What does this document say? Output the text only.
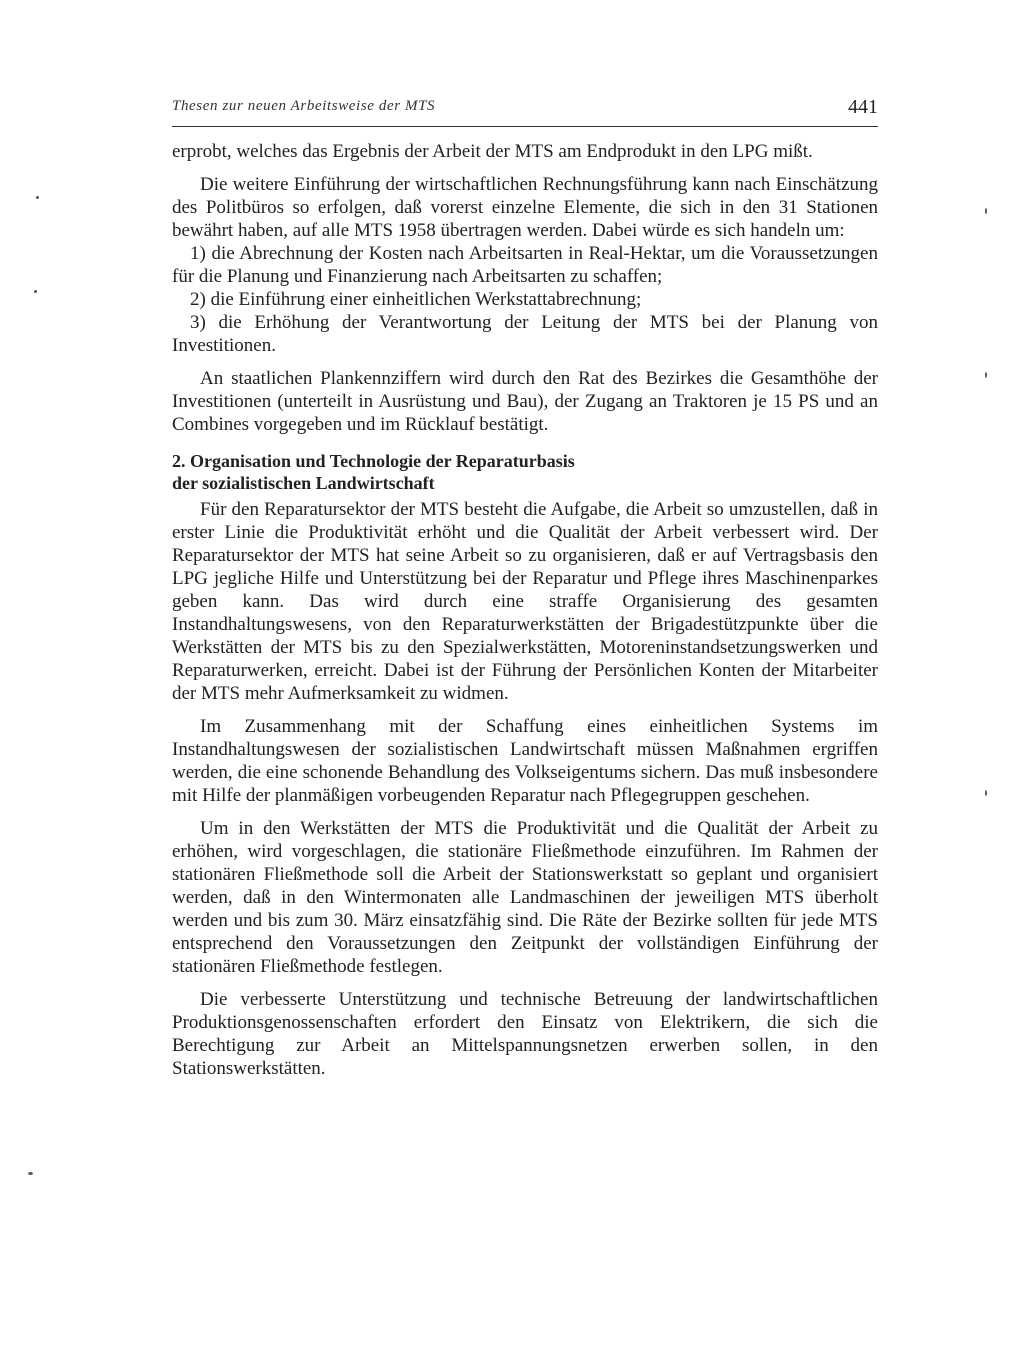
Thesen zur neuen Arbeitsweise der MTS	441

erprobt, welches das Ergebnis der Arbeit der MTS am Endprodukt in den LPG mißt.

Die weitere Einführung der wirtschaftlichen Rechnungsführung kann nach Einschätzung des Politbüros so erfolgen, daß vorerst einzelne Elemente, die sich in den 31 Stationen bewährt haben, auf alle MTS 1958 übertragen werden. Dabei würde es sich handeln um:

1) die Abrechnung der Kosten nach Arbeitsarten in Real-Hektar, um die Voraussetzungen für die Planung und Finanzierung nach Arbeitsarten zu schaffen;

2) die Einführung einer einheitlichen Werkstattabrechnung;

3) die Erhöhung der Verantwortung der Leitung der MTS bei der Planung von Investitionen.

An staatlichen Plankennziffern wird durch den Rat des Bezirkes die Gesamthöhe der Investitionen (unterteilt in Ausrüstung und Bau), der Zugang an Traktoren je 15 PS und an Combines vorgegeben und im Rücklauf bestätigt.

2. Organisation und Technologie der Reparaturbasis
der sozialistischen Landwirtschaft

Für den Reparatursektor der MTS besteht die Aufgabe, die Arbeit so umzustellen, daß in erster Linie die Produktivität erhöht und die Qualität der Arbeit verbessert wird. Der Reparatursektor der MTS hat seine Arbeit so zu organisieren, daß er auf Vertragsbasis den LPG jegliche Hilfe und Unterstützung bei der Reparatur und Pflege ihres Maschinenparkes geben kann. Das wird durch eine straffe Organisierung des gesamten Instandhaltungswesens, von den Reparaturwerkstätten der Brigadestützpunkte über die Werkstätten der MTS bis zu den Spezialwerkstätten, Motoreninstandsetzungswerken und Reparaturwerken, erreicht. Dabei ist der Führung der Persönlichen Konten der Mitarbeiter der MTS mehr Aufmerksamkeit zu widmen.

Im Zusammenhang mit der Schaffung eines einheitlichen Systems im Instandhaltungswesen der sozialistischen Landwirtschaft müssen Maßnahmen ergriffen werden, die eine schonende Behandlung des Volkseigentums sichern. Das muß insbesondere mit Hilfe der planmäßigen vorbeugenden Reparatur nach Pflegegruppen geschehen.

Um in den Werkstätten der MTS die Produktivität und die Qualität der Arbeit zu erhöhen, wird vorgeschlagen, die stationäre Fließmethode einzuführen. Im Rahmen der stationären Fließmethode soll die Arbeit der Stationswerkstatt so geplant und organisiert werden, daß in den Wintermonaten alle Landmaschinen der jeweiligen MTS überholt werden und bis zum 30. März einsatzfähig sind. Die Räte der Bezirke sollten für jede MTS entsprechend den Voraussetzungen den Zeitpunkt der vollständigen Einführung der stationären Fließmethode festlegen.

Die verbesserte Unterstützung und technische Betreuung der landwirtschaftlichen Produktionsgenossenschaften erfordert den Einsatz von Elektrikern, die sich die Berechtigung zur Arbeit an Mittelspannungsnetzen erwerben sollen, in den Stationswerkstätten.
